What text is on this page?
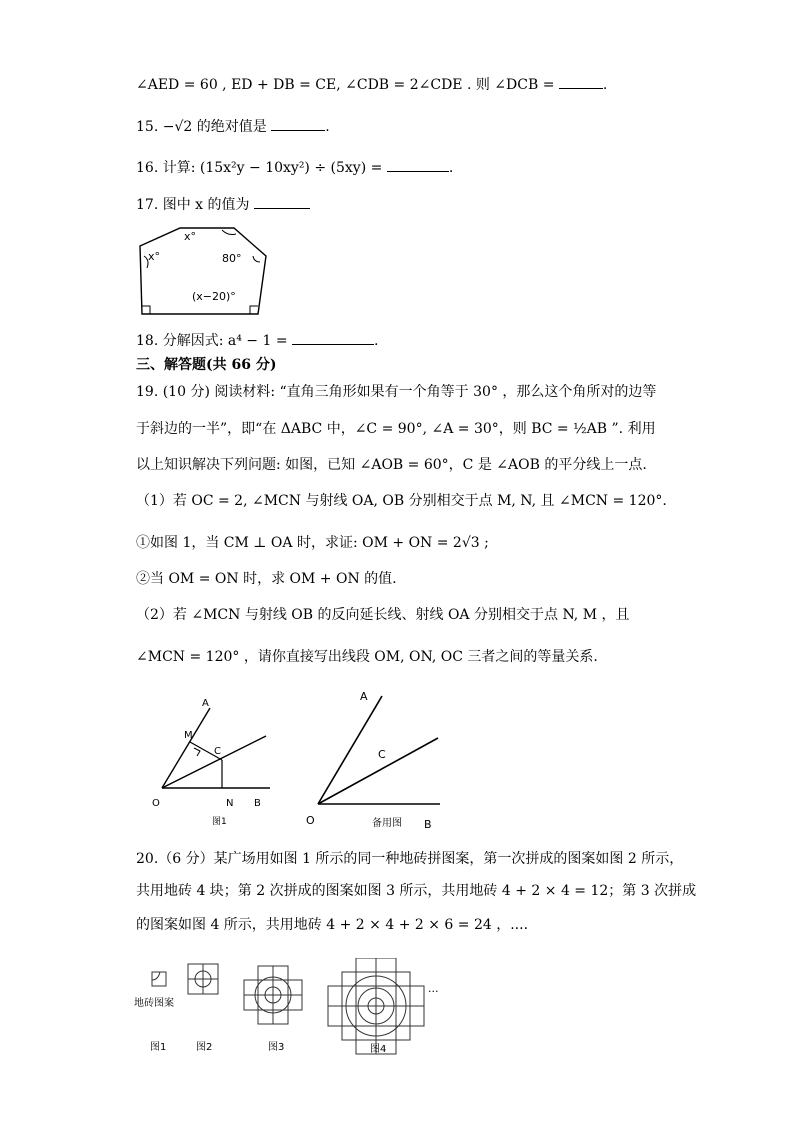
∠AED = 60 , ED + DB = CE, ∠CDB = 2∠CDE . 则 ∠DCB =	.
15. −√2 的绝对值是	.
16. 计算: (15x²y − 10xy²) ÷ (5xy) =	.
17. 图中 x 的值为
x°
x°	80°
(x−20)°
18. 分解因式: a⁴ − 1 =	.
三、解答题(共 66 分)
19. (10 分) 阅读材料: “直角三角形如果有一个角等于 30° ，那么这个角所对的边等
于斜边的一半”，即“在 ΔABC 中，∠C = 90°, ∠A = 30°，则 BC = ½AB ”. 利用
以上知识解决下列问题: 如图，已知 ∠AOB = 60°，C 是 ∠AOB 的平分线上一点.
（1）若 OC = 2, ∠MCN 与射线 OA, OB 分别相交于点 M, N, 且 ∠MCN = 120°.
①如图 1，当 CM ⊥ OA 时，求证: OM + ON = 2√3 ;
②当 OM = ON 时，求 OM + ON 的值.
（2）若 ∠MCN 与射线 OB 的反向延长线、射线 OA 分别相交于点 N, M ，且
∠MCN = 120° ，请你直接写出线段 OM, ON, OC 三者之间的等量关系.
A
M
C
O	N B
图1
A
C
O	备用图 B
20.（6 分）某广场用如图 1 所示的同一种地砖拼图案，第一次拼成的图案如图 2 所示，
共用地砖 4 块；第 2 次拼成的图案如图 3 所示，共用地砖 4 + 2 × 4 = 12；第 3 次拼成
的图案如图 4 所示，共用地砖 4 + 2 × 4 + 2 × 6 = 24 ，....
地砖图案
...
图1	图2	图3	图4
